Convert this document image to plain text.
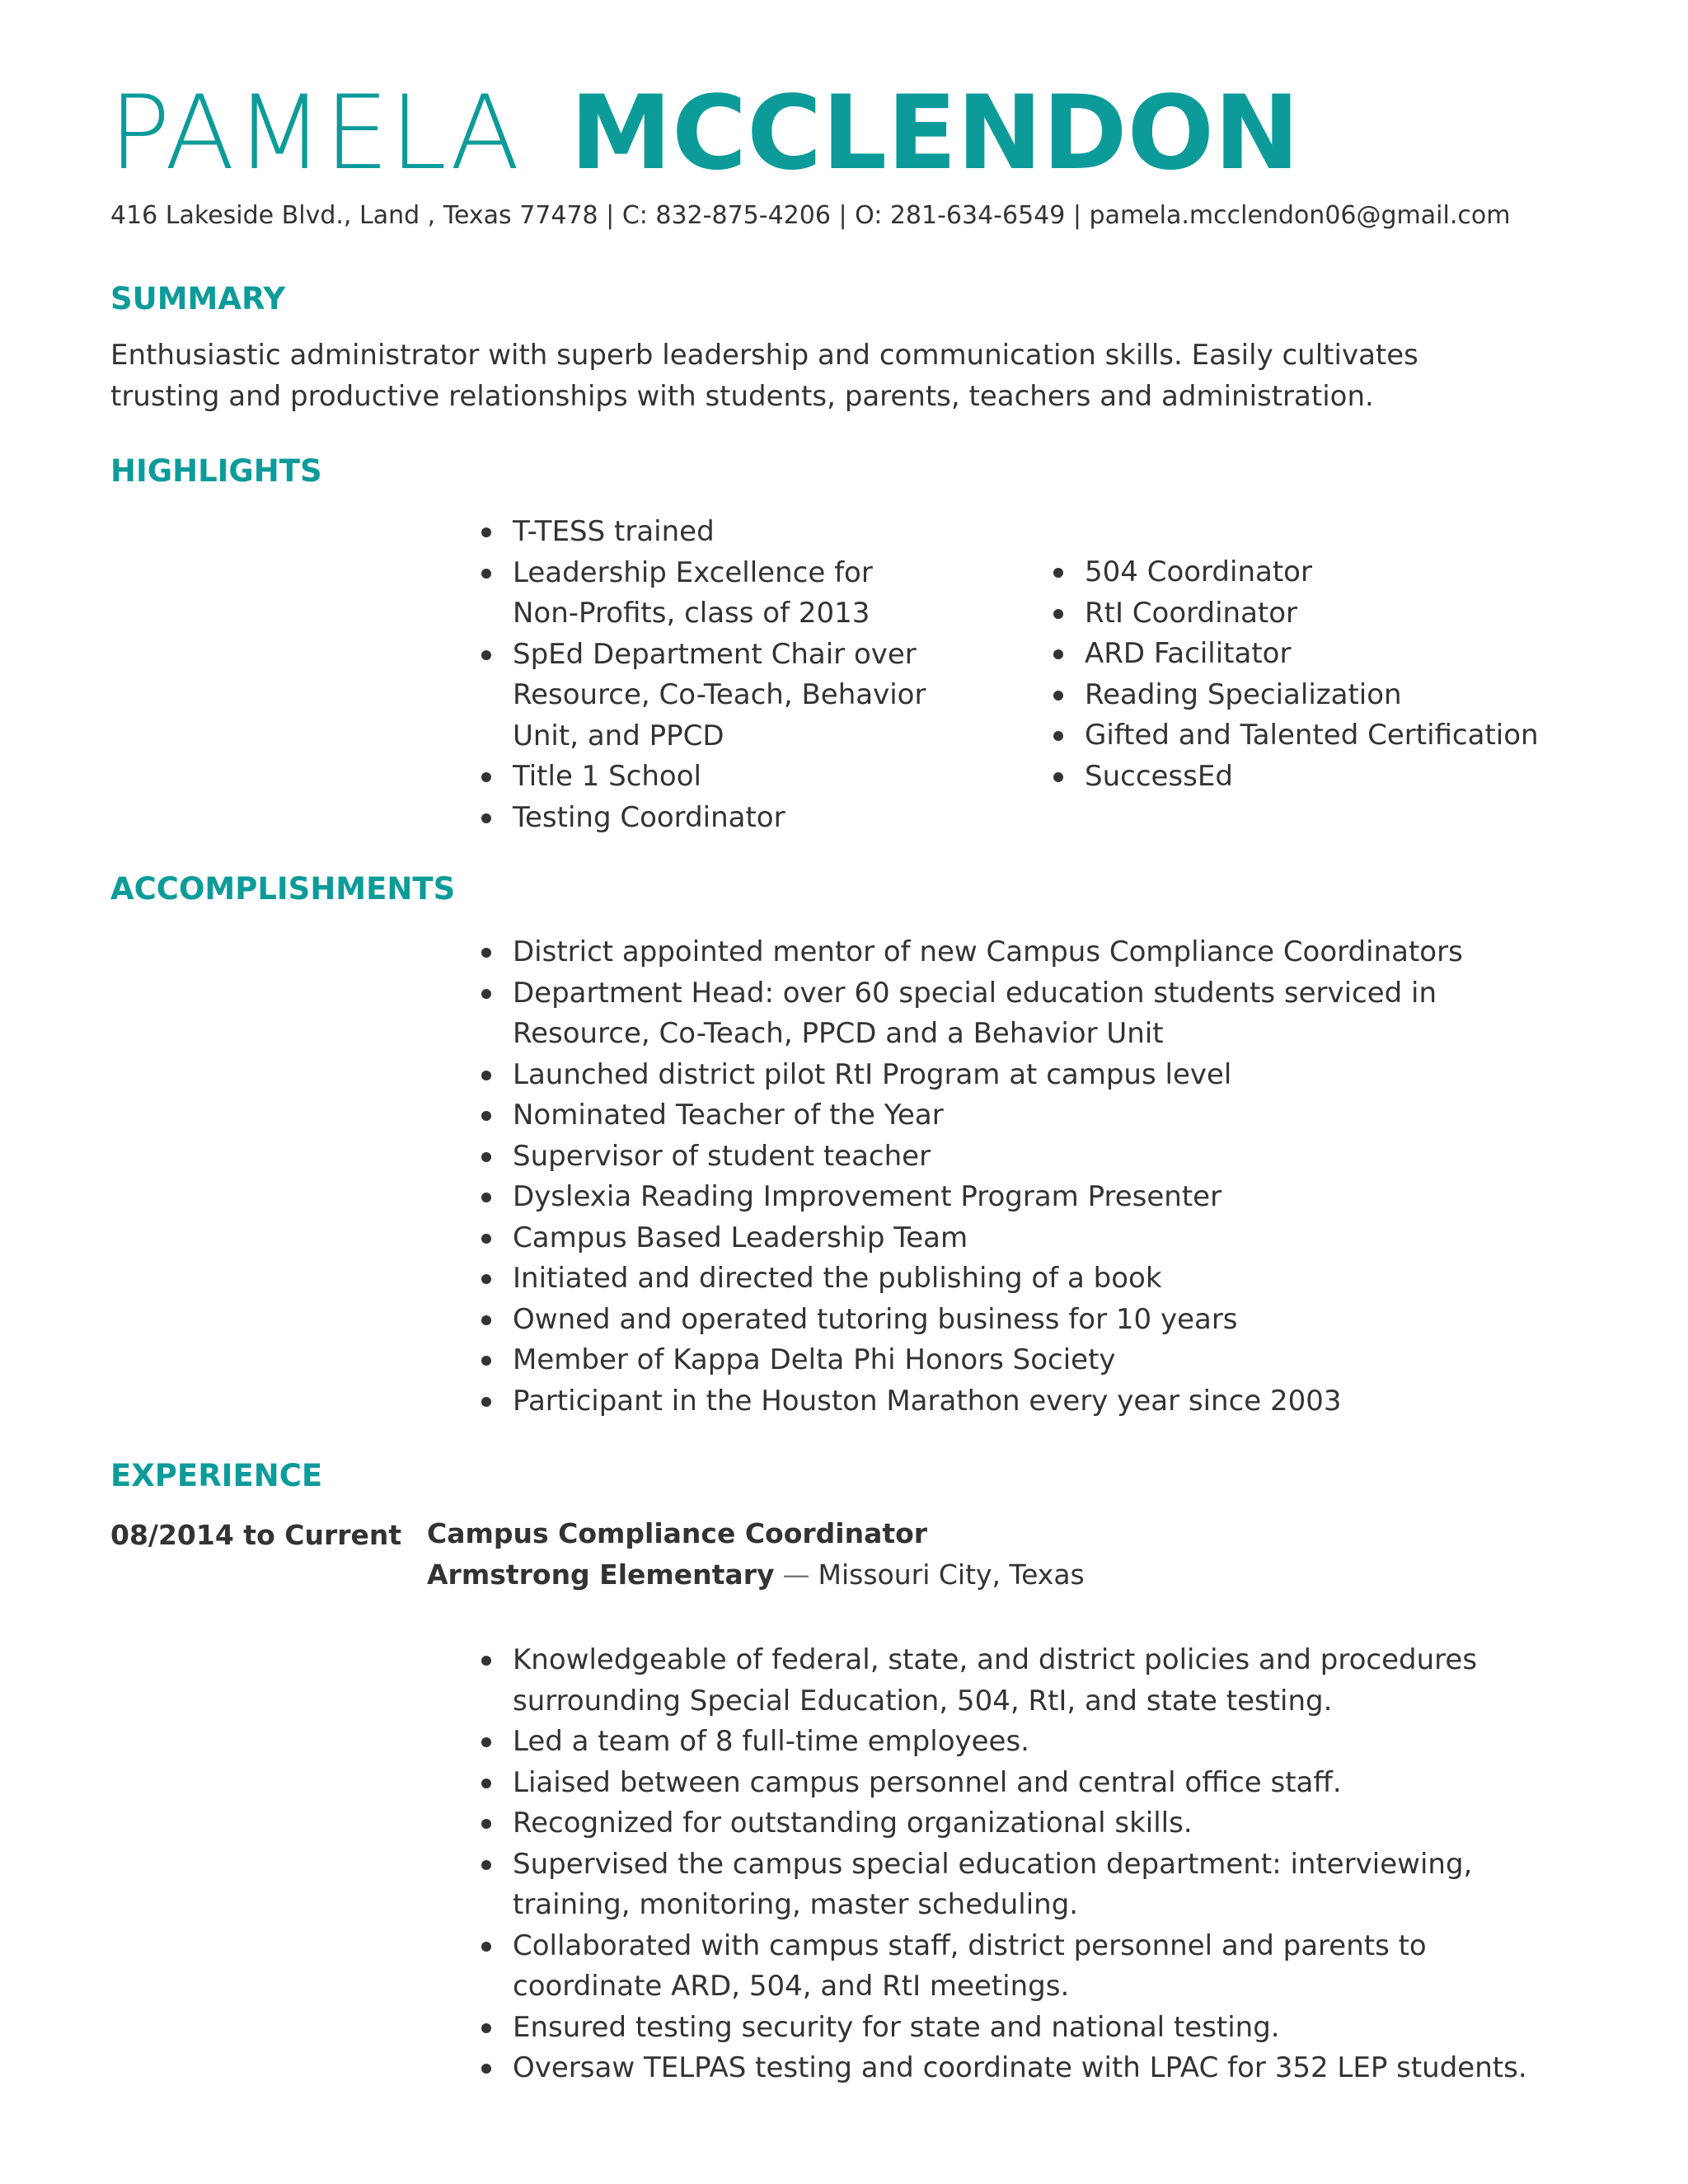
PAMELA MCCLENDON
416 Lakeside Blvd., Land , Texas 77478 | C: 832-875-4206 | O: 281-634-6549 | pamela.mcclendon06@gmail.com
SUMMARY
Enthusiastic administrator with superb leadership and communication skills. Easily cultivates trusting and productive relationships with students, parents, teachers and administration.
HIGHLIGHTS
T-TESS trained
Leadership Excellence for Non-Profits, class of 2013
SpEd Department Chair over Resource, Co-Teach, Behavior Unit, and PPCD
Title 1 School
Testing Coordinator
504 Coordinator
RtI Coordinator
ARD Facilitator
Reading Specialization
Gifted and Talented Certification
SuccessEd
ACCOMPLISHMENTS
District appointed mentor of new Campus Compliance Coordinators
Department Head: over 60 special education students serviced in Resource, Co-Teach, PPCD and a Behavior Unit
Launched district pilot RtI Program at campus level
Nominated Teacher of the Year
Supervisor of student teacher
Dyslexia Reading Improvement Program Presenter
Campus Based Leadership Team
Initiated and directed the publishing of a book
Owned and operated tutoring business for 10 years
Member of Kappa Delta Phi Honors Society
Participant in the Houston Marathon every year since 2003
EXPERIENCE
08/2014 to Current Campus Compliance Coordinator
Armstrong Elementary — Missouri City, Texas
Knowledgeable of federal, state, and district policies and procedures surrounding Special Education, 504, RtI, and state testing.
Led a team of 8 full-time employees.
Liaised between campus personnel and central office staff.
Recognized for outstanding organizational skills.
Supervised the campus special education department: interviewing, training, monitoring, master scheduling.
Collaborated with campus staff, district personnel and parents to coordinate ARD, 504, and RtI meetings.
Ensured testing security for state and national testing.
Oversaw TELPAS testing and coordinate with LPAC for 352 LEP students.
